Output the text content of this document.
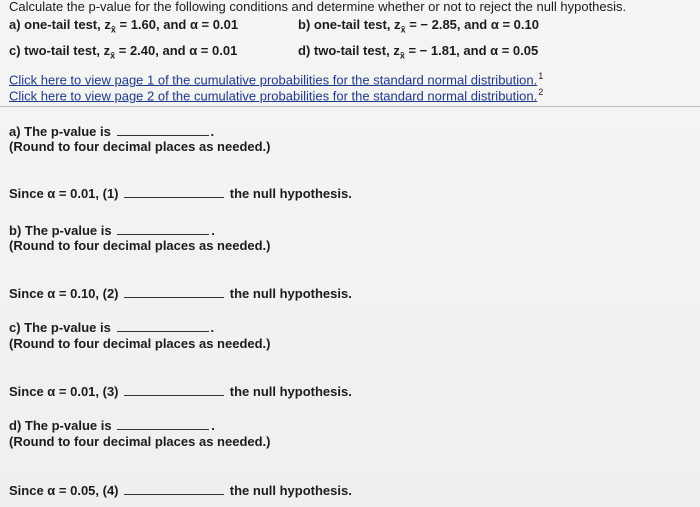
Calculate the p-value for the following conditions and determine whether or not to reject the null hypothesis.
a) one-tail test, $z_{x̄} = 1.60$, and α = 0.01	b) one-tail test, $z_{x̄}$ = − 2.85, and α = 0.10
c) two-tail test, $z_{x̄} = 2.40$, and α = 0.01	d) two-tail test, $z_{x̄}$ = − 1.81, and α = 0.05
Click here to view page 1 of the cumulative probabilities for the standard normal distribution.$^1$
Click here to view page 2 of the cumulative probabilities for the standard normal distribution.$^2$
a) The p-value is	.
(Round to four decimal places as needed.)
Since α = 0.01, (1)	the null hypothesis.
b) The p-value is	.
(Round to four decimal places as needed.)
Since α = 0.10, (2)	the null hypothesis.
c) The p-value is	.
(Round to four decimal places as needed.)
Since α = 0.01, (3)	the null hypothesis.
d) The p-value is	.
(Round to four decimal places as needed.)
Since α = 0.05, (4)	the null hypothesis.
